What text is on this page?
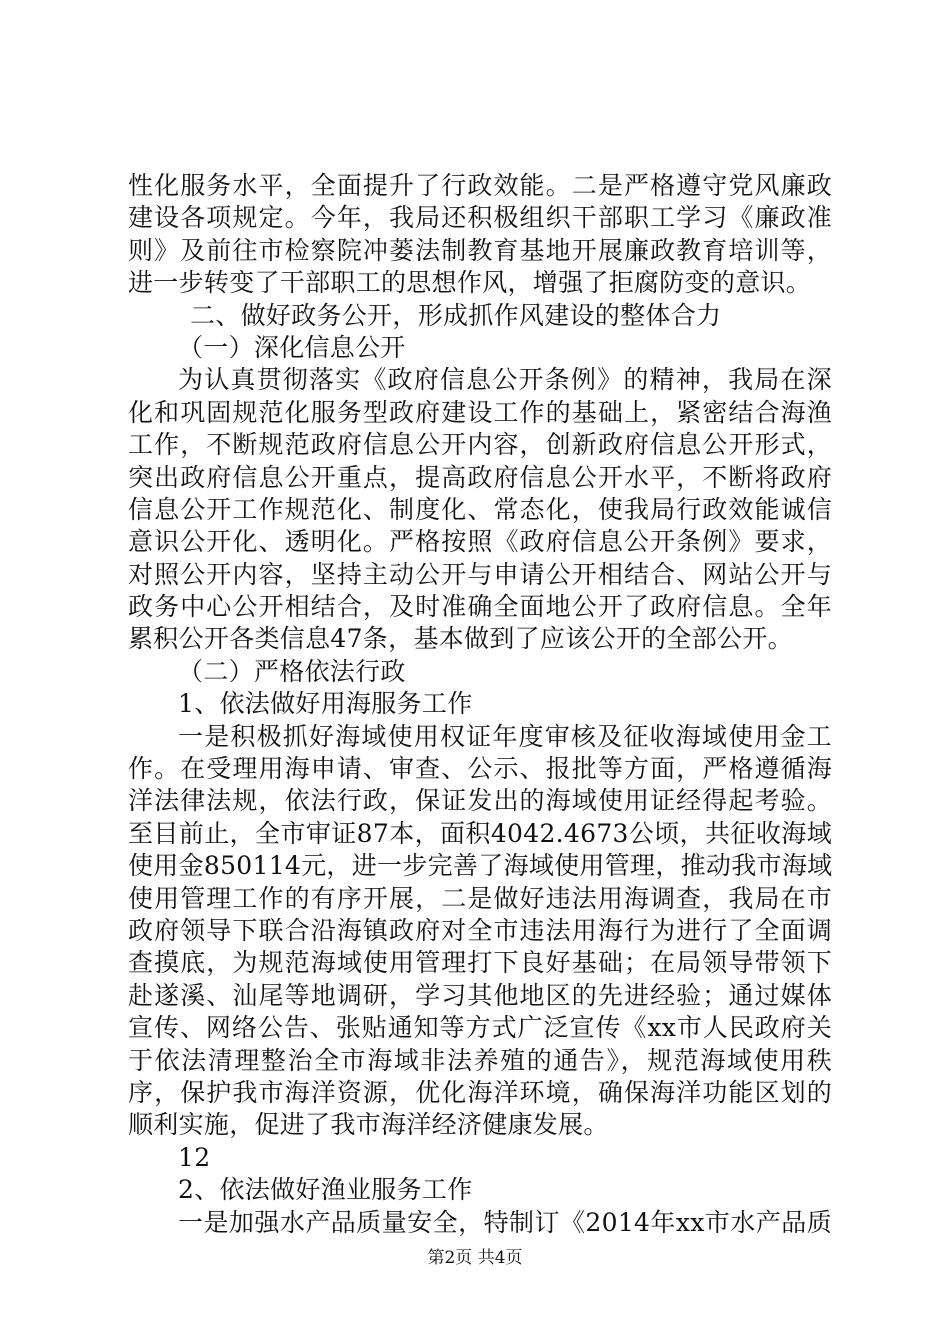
性化服务水平，全面提升了行政效能。二是严格遵守党风廉政
建设各项规定。今年，我局还积极组织干部职工学习《廉政准
则》及前往市检察院冲蒌法制教育基地开展廉政教育培训等，
进一步转变了干部职工的思想作风，增强了拒腐防变的意识。
二、做好政务公开，形成抓作风建设的整体合力
（一）深化信息公开
为认真贯彻落实《政府信息公开条例》的精神，我局在深
化和巩固规范化服务型政府建设工作的基础上，紧密结合海渔
工作，不断规范政府信息公开内容，创新政府信息公开形式，
突出政府信息公开重点，提高政府信息公开水平，不断将政府
信息公开工作规范化、制度化、常态化，使我局行政效能诚信
意识公开化、透明化。严格按照《政府信息公开条例》要求，
对照公开内容，坚持主动公开与申请公开相结合、网站公开与
政务中心公开相结合，及时准确全面地公开了政府信息。全年
累积公开各类信息47条，基本做到了应该公开的全部公开。
（二）严格依法行政
1、依法做好用海服务工作
一是积极抓好海域使用权证年度审核及征收海域使用金工
作。在受理用海申请、审查、公示、报批等方面，严格遵循海
洋法律法规，依法行政，保证发出的海域使用证经得起考验。
至目前止，全市审证87本，面积4042.4673公顷，共征收海域
使用金850114元，进一步完善了海域使用管理，推动我市海域
使用管理工作的有序开展，二是做好违法用海调查，我局在市
政府领导下联合沿海镇政府对全市违法用海行为进行了全面调
查摸底，为规范海域使用管理打下良好基础；在局领导带领下
赴遂溪、汕尾等地调研，学习其他地区的先进经验；通过媒体
宣传、网络公告、张贴通知等方式广泛宣传《xx市人民政府关
于依法清理整治全市海域非法养殖的通告》，规范海域使用秩
序，保护我市海洋资源，优化海洋环境，确保海洋功能区划的
顺利实施，促进了我市海洋经济健康发展。
12
2、依法做好渔业服务工作
一是加强水产品质量安全，特制订《2014年xx市水产品质
第2页 共4页
